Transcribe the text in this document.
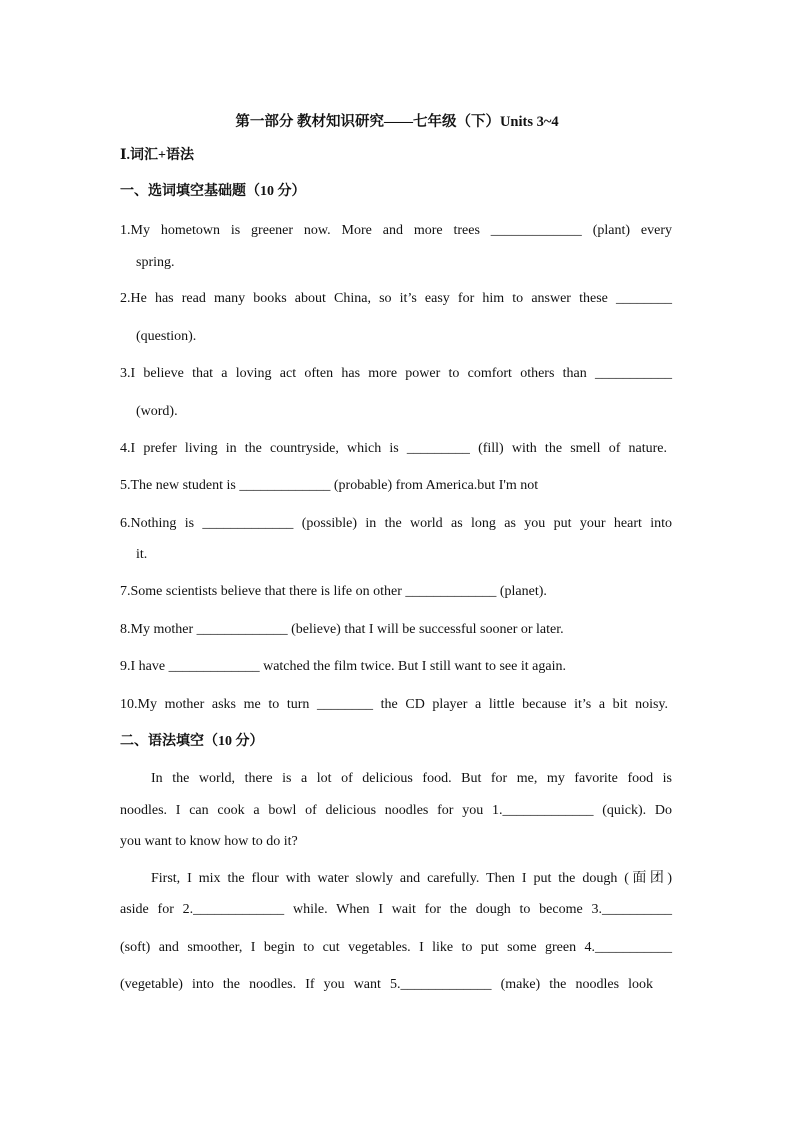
第一部分 教材知识研究——七年级（下）Units 3~4
Ⅰ.词汇+语法
一、选词填空基础题（10 分）
1.My hometown is greener now. More and more trees _____________ (plant) every
spring.
2.He has read many books about China, so it’s easy for him to answer these ________
(question).
3.I believe that a loving act often has more power to comfort others than ___________
(word).
4.I prefer living in the countryside, which is _________ (fill) with the smell of nature.
5.The new student is _____________ (probable) from America.but I'm not
6.Nothing is _____________ (possible) in the world as long as you put your heart into
it.
7.Some scientists believe that there is life on other _____________ (planet).
8.My mother _____________ (believe) that I will be successful sooner or later.
9.I have _____________ watched the film twice. But I still want to see it again.
10.My mother asks me to turn ________ the CD player a little because it’s a bit noisy.
二、语法填空（10 分）
In the world, there is a lot of delicious food. But for me, my favorite food is
noodles. I can cook a bowl of delicious noodles for you 1._____________ (quick). Do
you want to know how to do it?
First, I mix the flour with water slowly and carefully. Then I put the dough (面团)
aside for 2._____________ while. When I wait for the dough to become 3.__________
(soft) and smoother, I begin to cut vegetables. I like to put some green 4.___________
(vegetable) into the noodles. If you want 5._____________ (make) the noodles look
